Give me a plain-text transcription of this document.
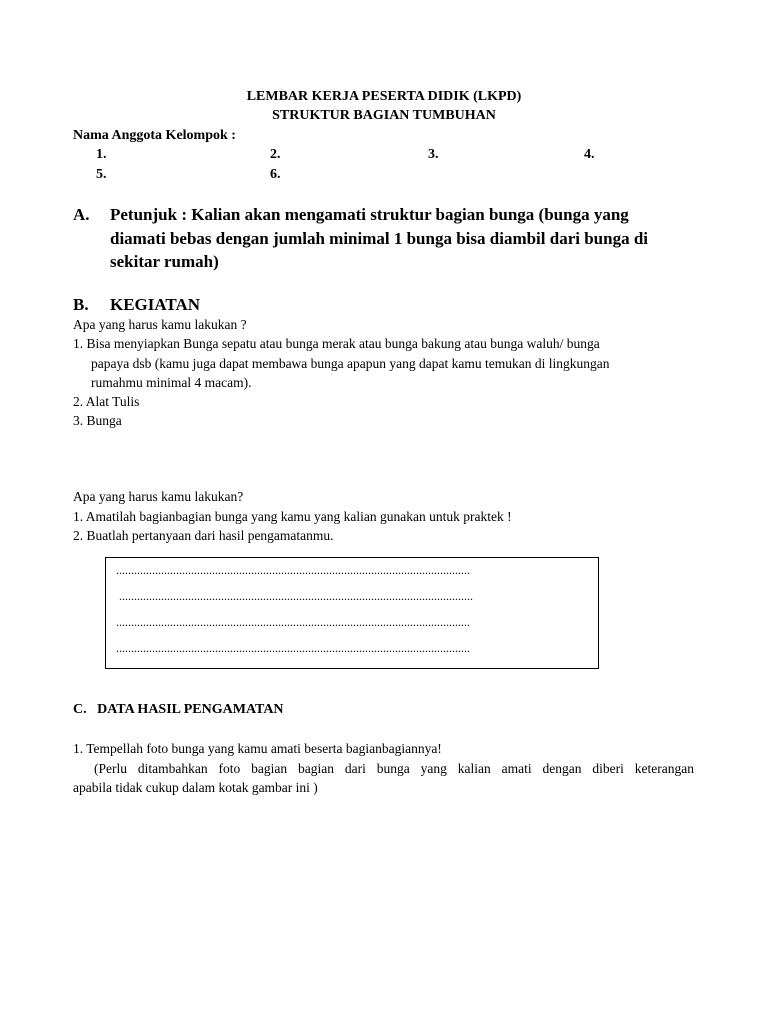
LEMBAR KERJA PESERTA DIDIK (LKPD)
STRUKTUR BAGIAN TUMBUHAN
Nama Anggota Kelompok :
1.	2.	3.	4.
5.	6.
A. Petunjuk : Kalian akan mengamati struktur bagian bunga (bunga yang
diamati bebas dengan jumlah minimal 1 bunga bisa diambil dari bunga di
sekitar rumah)
B. KEGIATAN
Apa yang harus kamu lakukan ?
1. Bisa menyiapkan Bunga sepatu atau bunga merak atau bunga bakung atau bunga waluh/ bunga
papaya dsb (kamu juga dapat membawa bunga apapun yang dapat kamu temukan di lingkungan
rumahmu minimal 4 macam).
2. Alat Tulis
3. Bunga
Apa yang harus kamu lakukan?
1. Amatilah bagianbagian bunga yang kamu yang kalian gunakan untuk praktek !
2. Buatlah pertanyaan dari hasil pengamatanmu.
......................................................................................................................
......................................................................................................................
......................................................................................................................
......................................................................................................................
C.   DATA HASIL PENGAMATAN
1. Tempellah foto bunga yang kamu amati beserta bagianbagiannya!
(Perlu ditambahkan foto bagian bagian dari bunga yang kalian amati dengan diberi keterangan
apabila tidak cukup dalam kotak gambar ini )
